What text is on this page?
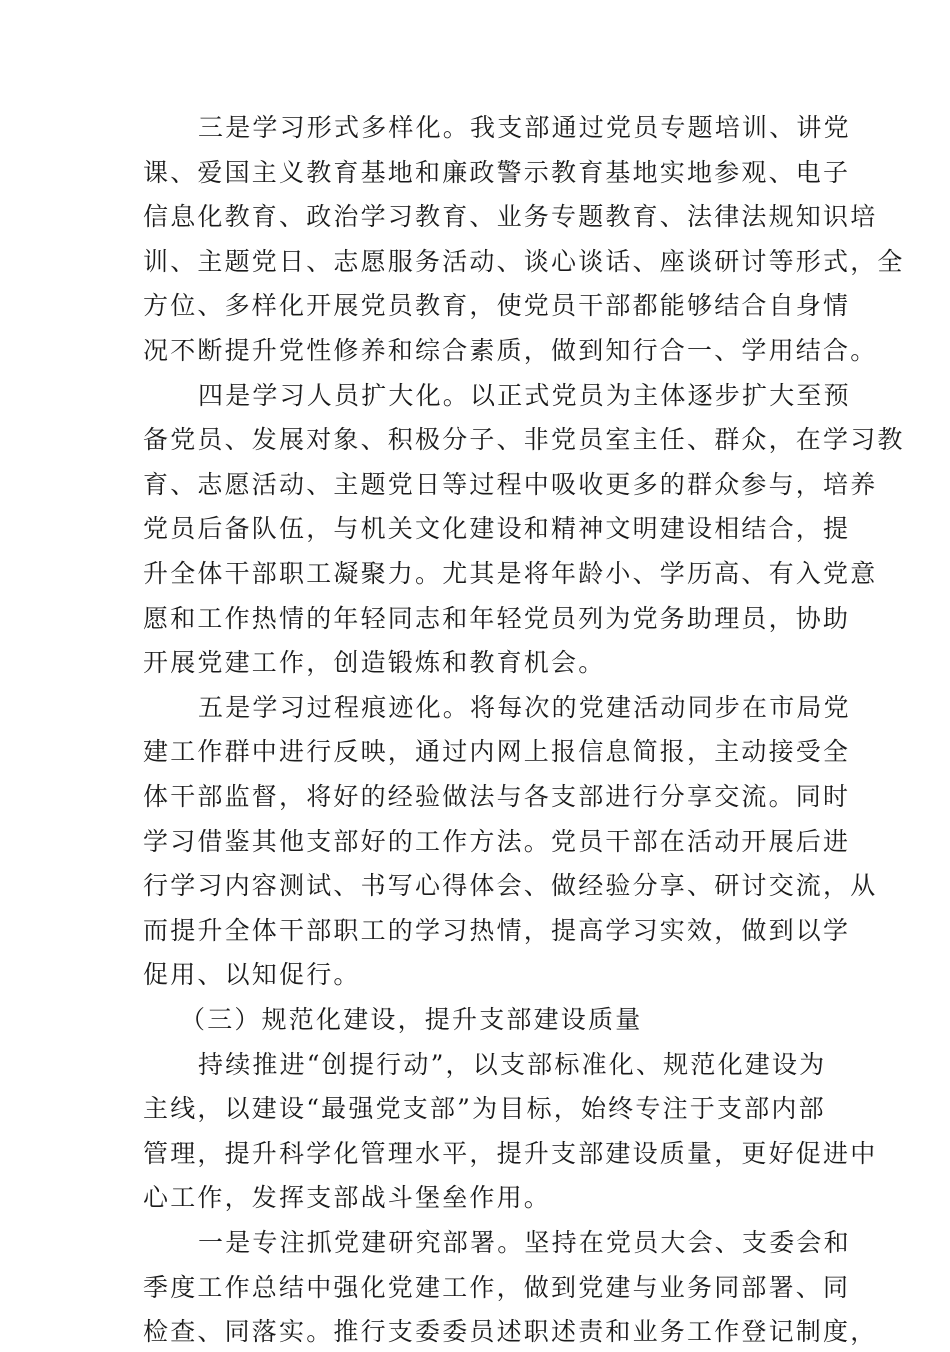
三是学习形式多样化。我支部通过党员专题培训、讲党
课、爱国主义教育基地和廉政警示教育基地实地参观、电子
信息化教育、政治学习教育、业务专题教育、法律法规知识培
训、主题党日、志愿服务活动、谈心谈话、座谈研讨等形式，全
方位、多样化开展党员教育，使党员干部都能够结合自身情
况不断提升党性修养和综合素质，做到知行合一、学用结合。
四是学习人员扩大化。以正式党员为主体逐步扩大至预
备党员、发展对象、积极分子、非党员室主任、群众，在学习教
育、志愿活动、主题党日等过程中吸收更多的群众参与，培养
党员后备队伍，与机关文化建设和精神文明建设相结合，提
升全体干部职工凝聚力。尤其是将年龄小、学历高、有入党意
愿和工作热情的年轻同志和年轻党员列为党务助理员，协助
开展党建工作，创造锻炼和教育机会。
五是学习过程痕迹化。将每次的党建活动同步在市局党
建工作群中进行反映，通过内网上报信息简报，主动接受全
体干部监督，将好的经验做法与各支部进行分享交流。同时
学习借鉴其他支部好的工作方法。党员干部在活动开展后进
行学习内容测试、书写心得体会、做经验分享、研讨交流，从
而提升全体干部职工的学习热情，提高学习实效，做到以学
促用、以知促行。
（三）规范化建设，提升支部建设质量
持续推进“创提行动”，以支部标准化、规范化建设为
主线，以建设“最强党支部”为目标，始终专注于支部内部
管理，提升科学化管理水平，提升支部建设质量，更好促进中
心工作，发挥支部战斗堡垒作用。
一是专注抓党建研究部署。坚持在党员大会、支委会和
季度工作总结中强化党建工作，做到党建与业务同部署、同
检查、同落实。推行支委委员述职述责和业务工作登记制度，
